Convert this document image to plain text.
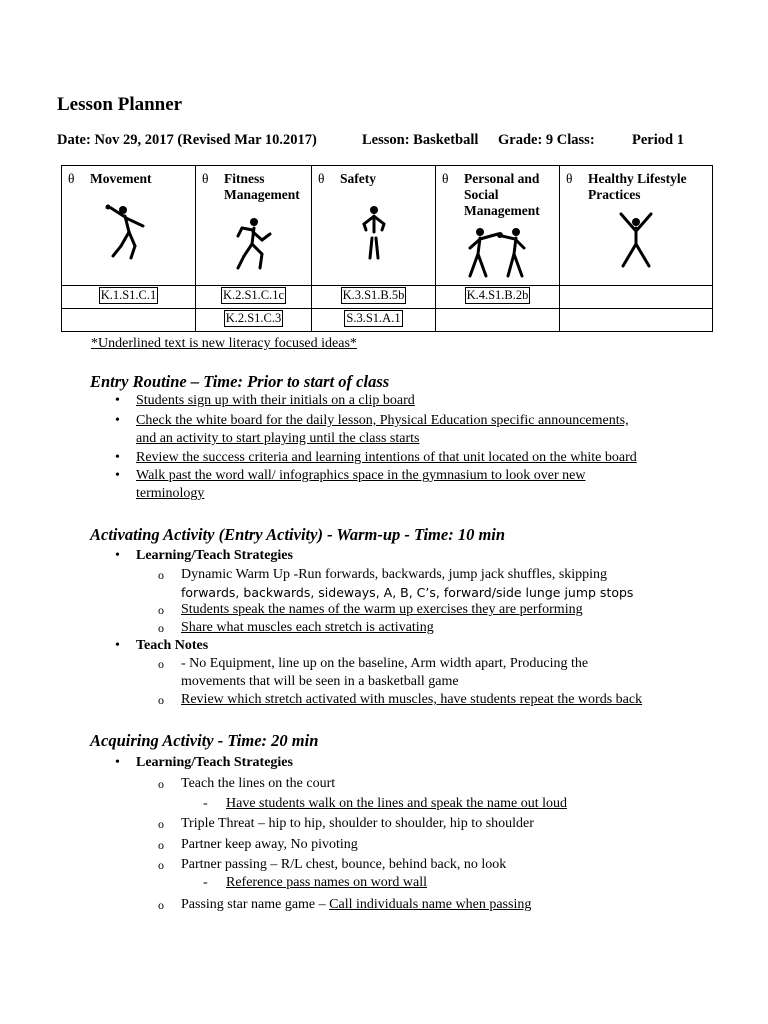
Lesson Planner
Date: Nov 29, 2017 (Revised Mar 10.2017)	Lesson: Basketball Grade: 9 Class:	Period 1
θ Movement	θ Fitness Management	θ Safety	θ Personal and Social Management	θ Healthy Lifestyle Practices

K.1.S1.C.1	K.2.S1.C.1c	K.3.S1.B.5b	K.4.S1.B.2b	
	K.2.S1.C.3	S.3.S1.A.1		
*Underlined text is new literacy focused ideas*
Entry Routine – Time: Prior to start of class
• Students sign up with their initials on a clip board
• Check the white board for the daily lesson, Physical Education specific announcements,
and an activity to start playing until the class starts
• Review the success criteria and learning intentions of that unit located on the white board
• Walk past the word wall/ infographics space in the gymnasium to look over new
terminology
Activating Activity (Entry Activity) - Warm-up - Time: 10 min
• Learning/Teach Strategies
o Dynamic Warm Up -Run forwards, backwards, jump jack shuffles, skipping
forwards, backwards, sideways, A, B, C’s, forward/side lunge jump stops
o Students speak the names of the warm up exercises they are performing
o Share what muscles each stretch is activating
• Teach Notes
o - No Equipment, line up on the baseline, Arm width apart, Producing the
movements that will be seen in a basketball game
o Review which stretch activated with muscles, have students repeat the words back
Acquiring Activity - Time: 20 min
• Learning/Teach Strategies
o Teach the lines on the court
- Have students walk on the lines and speak the name out loud
o Triple Threat – hip to hip, shoulder to shoulder, hip to shoulder
o Partner keep away, No pivoting
o Partner passing – R/L chest, bounce, behind back, no look
- Reference pass names on word wall
o Passing star name game – Call individuals name when passing
